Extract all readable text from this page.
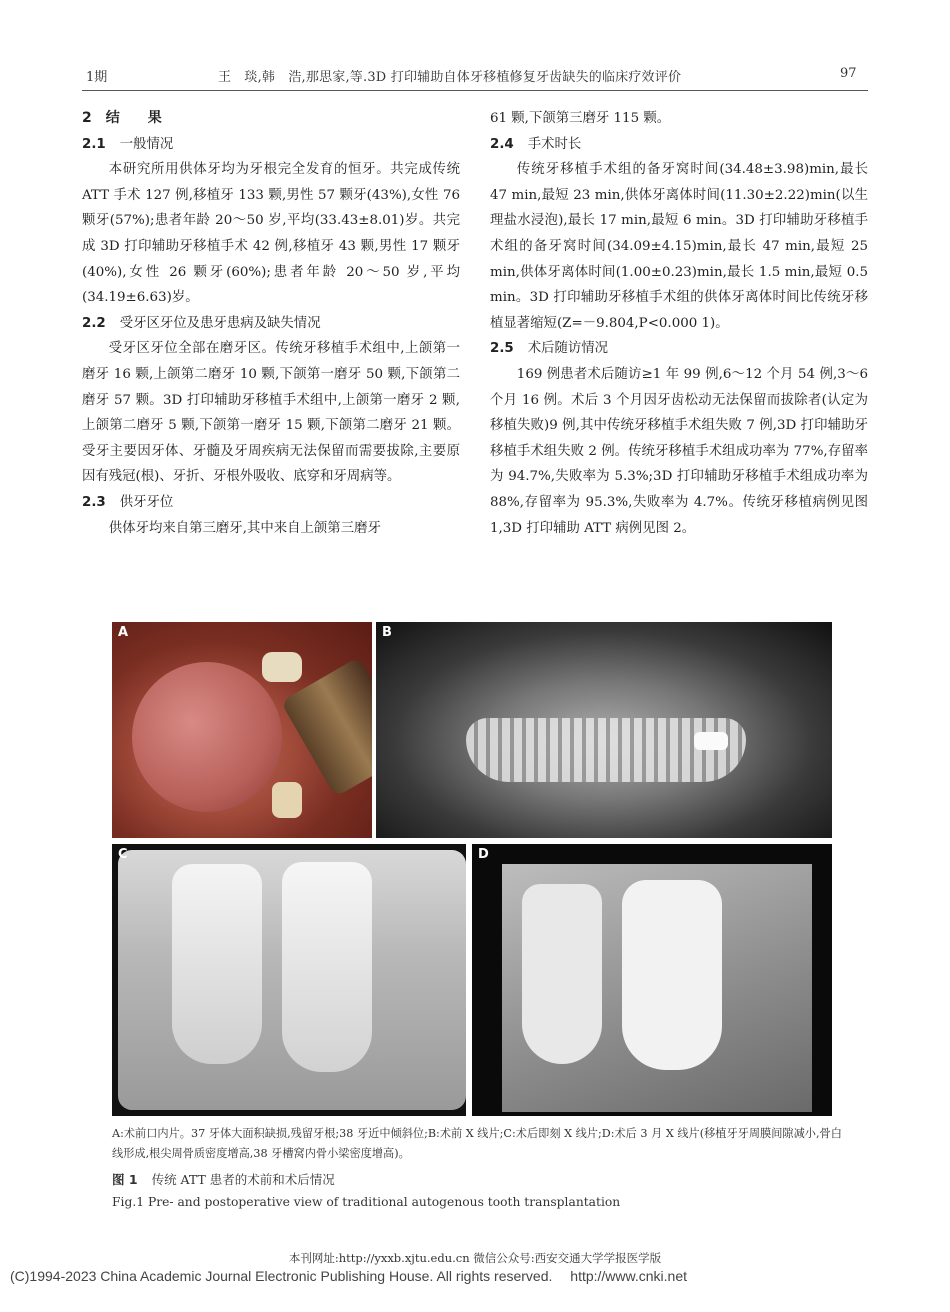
1期	王　琰,韩　浩,那思家,等.3D 打印辅助自体牙移植修复牙齿缺失的临床疗效评价	97

2　结　　果

2.1 一般情况

本研究所用供体牙均为牙根完全发育的恒牙。共完成传统 ATT 手术 127 例,移植牙 133 颗,男性 57 颗牙(43%),女性 76 颗牙(57%);患者年龄 20～50 岁,平均(33.43±8.01)岁。共完成 3D 打印辅助牙移植手术 42 例,移植牙 43 颗,男性 17 颗牙(40%),女性 26 颗牙(60%);患者年龄 20～50 岁,平均(34.19±6.63)岁。

2.2 受牙区牙位及患牙患病及缺失情况

受牙区牙位全部在磨牙区。传统牙移植手术组中,上颌第一磨牙 16 颗,上颌第二磨牙 10 颗,下颌第一磨牙 50 颗,下颌第二磨牙 57 颗。3D 打印辅助牙移植手术组中,上颌第一磨牙 2 颗,上颌第二磨牙 5 颗,下颌第一磨牙 15 颗,下颌第二磨牙 21 颗。受牙主要因牙体、牙髓及牙周疾病无法保留而需要拔除,主要原因有残冠(根)、牙折、牙根外吸收、底穿和牙周病等。

2.3 供牙牙位

供体牙均来自第三磨牙,其中来自上颌第三磨牙

61 颗,下颌第三磨牙 115 颗。

2.4 手术时长

传统牙移植手术组的备牙窝时间(34.48±3.98)min,最长 47 min,最短 23 min,供体牙离体时间(11.30±2.22)min(以生理盐水浸泡),最长 17 min,最短 6 min。3D 打印辅助牙移植手术组的备牙窝时间(34.09±4.15)min,最长 47 min,最短 25 min,供体牙离体时间(1.00±0.23)min,最长 1.5 min,最短 0.5 min。3D 打印辅助牙移植手术组的供体牙离体时间比传统牙移植显著缩短(Z=－9.804,P<0.000 1)。

2.5 术后随访情况

169 例患者术后随访≥1 年 99 例,6～12 个月 54 例,3～6 个月 16 例。术后 3 个月因牙齿松动无法保留而拔除者(认定为移植失败)9 例,其中传统牙移植手术组失败 7 例,3D 打印辅助牙移植手术组失败 2 例。传统牙移植手术组成功率为 77%,存留率为 94.7%,失败率为 5.3%;3D 打印辅助牙移植手术组成功率为 88%,存留率为 95.3%,失败率为 4.7%。传统牙移植病例见图 1,3D 打印辅助 ATT 病例见图 2。

A	B
C	D
A:术前口内片。37 牙体大面积缺损,残留牙根;38 牙近中倾斜位;B:术前 X 线片;C:术后即刻 X 线片;D:术后 3 月 X 线片(移植牙牙周膜间隙减小,骨白线形成,根尖周骨质密度增高,38 牙槽窝内骨小梁密度增高)。
图 1 传统 ATT 患者的术前和术后情况
Fig.1 Pre- and postoperative view of traditional autogenous tooth transplantation
本刊网址:http://yxxb.xjtu.edu.cn 微信公众号:西安交通大学学报医学版
(C)1994-2023 China Academic Journal Electronic Publishing House. All rights reserved.　 http://www.cnki.net
